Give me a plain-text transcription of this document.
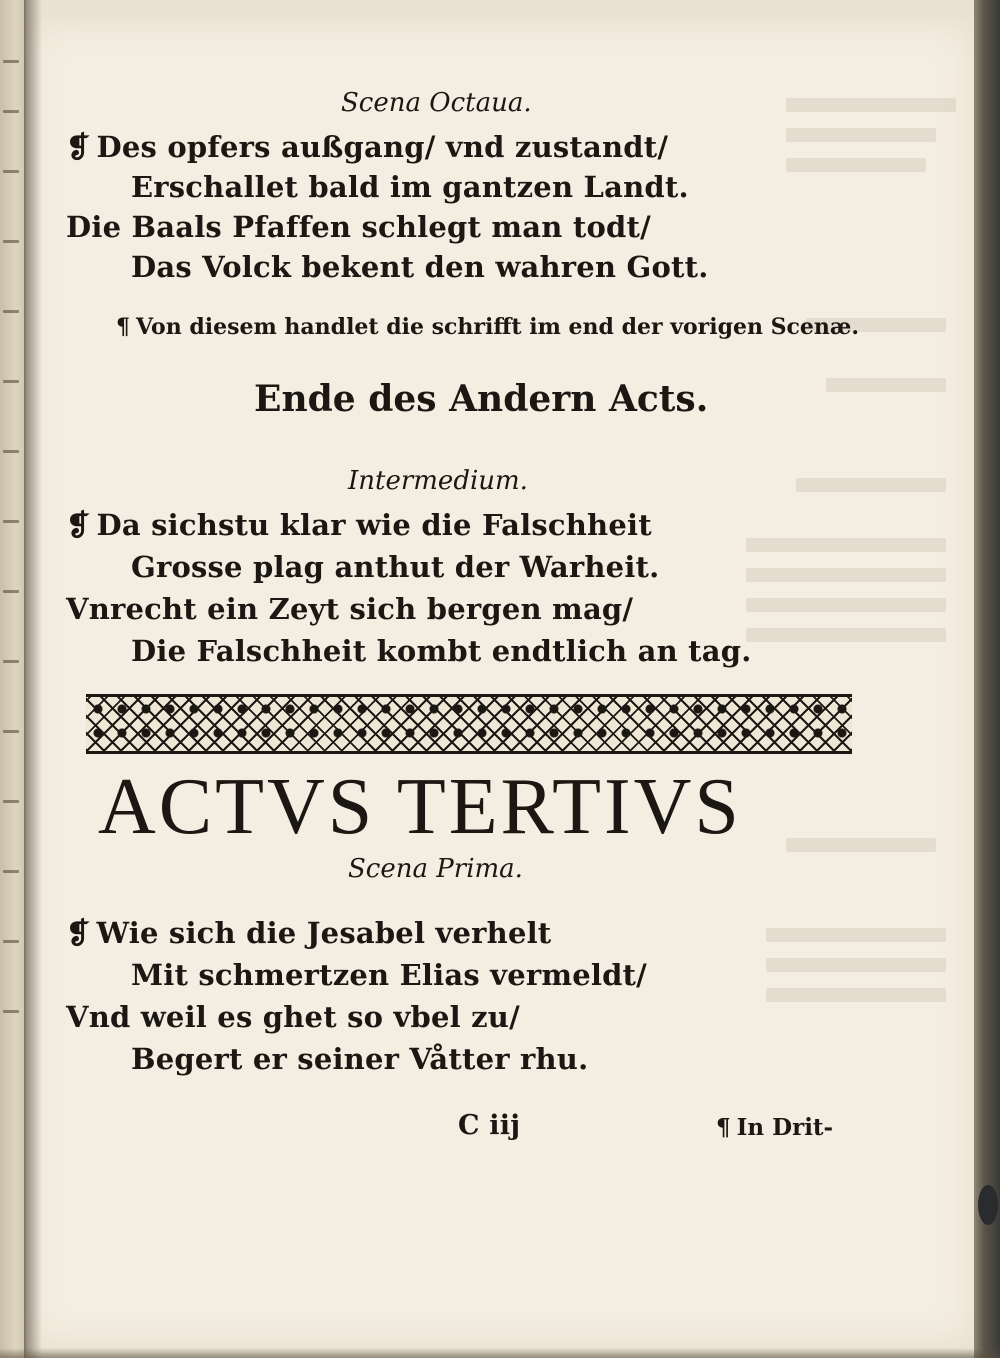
Scena Octaua.
❡ Des opfers außgang/ vnd zustandt/
Erschallet bald im gantzen Landt.
Die Baals Pfaffen schlegt man todt/
Das Volck bekent den wahren Gott.
¶ Von diesem handlet die schrifft im end der vorigen Scenæ.
Ende des Andern Acts.
Intermedium.
❡ Da sichstu klar wie die Falschheit
Grosse plag anthut der Warheit.
Vnrecht ein Zeyt sich bergen mag/
Die Falschheit kombt endtlich an tag.
ACTVS TERTIVS
Scena Prima.
❡ Wie sich die Jesabel verhelt
Mit schmertzen Elias vermeldt/
Vnd weil es ghet so vbel zu/
Begert er seiner Våtter rhu.
C iij	¶ In Drit-
